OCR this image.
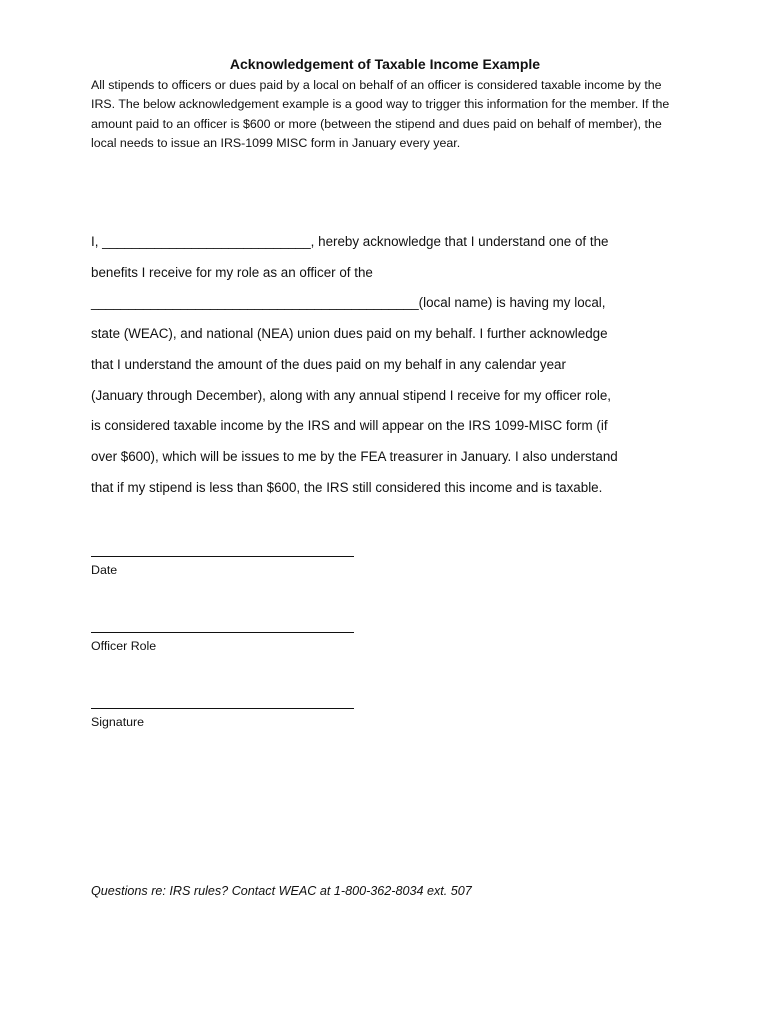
Acknowledgement of Taxable Income Example
All stipends to officers or dues paid by a local on behalf of an officer is considered taxable income by the IRS. The below acknowledgement example is a good way to trigger this information for the member. If the amount paid to an officer is $600 or more (between the stipend and dues paid on behalf of member), the local needs to issue an IRS-1099 MISC form in January every year.
I, ____________________________, hereby acknowledge that I understand one of the
benefits I receive for my role as an officer of the
____________________________________________(local name) is having my local,
state (WEAC), and national (NEA) union dues paid on my behalf. I further acknowledge
that I understand the amount of the dues paid on my behalf in any calendar year
(January through December), along with any annual stipend I receive for my officer role,
is considered taxable income by the IRS and will appear on the IRS 1099-MISC form (if
over $600), which will be issues to me by the FEA treasurer in January. I also understand
that if my stipend is less than $600, the IRS still considered this income and is taxable.
Date
Officer Role
Signature
Questions re: IRS rules? Contact WEAC at 1-800-362-8034 ext. 507
